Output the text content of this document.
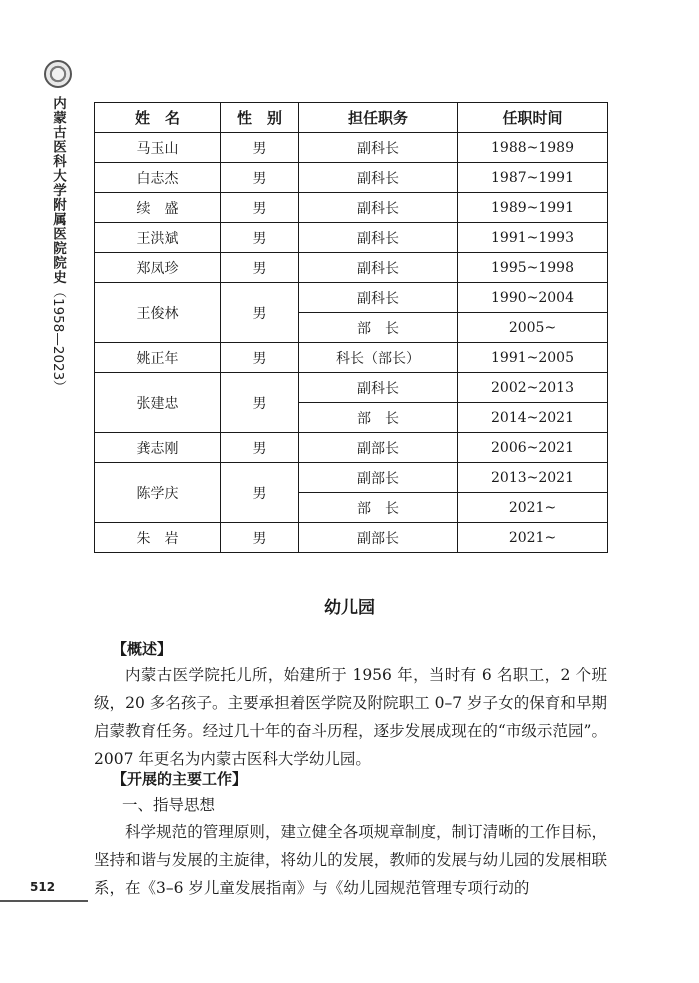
内蒙古医科大学附属医院院史（1958—2023）
姓　名	性　别	担任职务	任职时间
马玉山	男	副科长	1988~1989
白志杰	男	副科长	1987~1991
续　盛	男	副科长	1989~1991
王洪斌	男	副科长	1991~1993
郑凤珍	男	副科长	1995~1998
王俊林	男	副科长	1990~2004
		部　长	2005~
姚正年	男	科长（部长）	1991~2005
张建忠	男	副科长	2002~2013
		部　长	2014~2021
龚志刚	男	副部长	2006~2021
陈学庆	男	副部长	2013~2021
		部　长	2021~
朱　岩	男	副部长	2021~
幼儿园

【概述】

内蒙古医学院托儿所，始建所于 1956 年，当时有 6 名职工，2 个班级，20 多名孩子。主要承担着医学院及附院职工 0–7 岁子女的保育和早期启蒙教育任务。经过几十年的奋斗历程，逐步发展成现在的“市级示范园”。2007 年更名为内蒙古医科大学幼儿园。

【开展的主要工作】

一、指导思想

科学规范的管理原则，建立健全各项规章制度，制订清晰的工作目标，坚持和谐与发展的主旋律，将幼儿的发展，教师的发展与幼儿园的发展相联系，在《3–6 岁儿童发展指南》与《幼儿园规范管理专项行动的

512
